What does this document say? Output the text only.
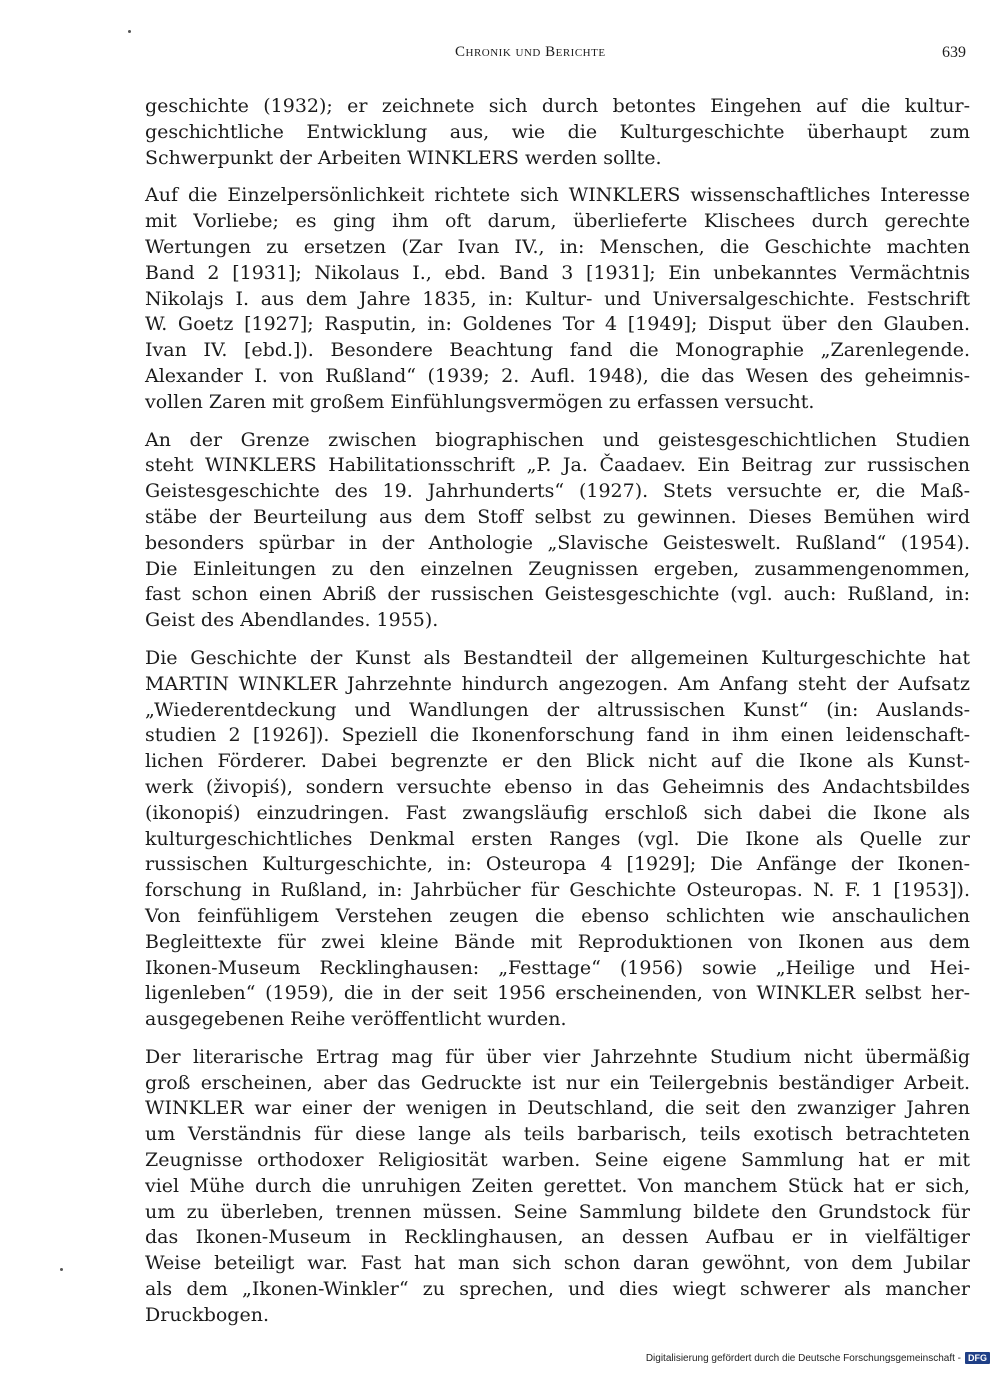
Chronik und Berichte	639
geschichte (1932); er zeichnete sich durch betontes Eingehen auf die kultur-
geschichtliche Entwicklung aus, wie die Kulturgeschichte überhaupt zum
Schwerpunkt der Arbeiten WINKLERS werden sollte.
Auf die Einzelpersönlichkeit richtete sich WINKLERS wissenschaftliches Interesse
mit Vorliebe; es ging ihm oft darum, überlieferte Klischees durch gerechte
Wertungen zu ersetzen (Zar Ivan IV., in: Menschen, die Geschichte machten
Band 2 [1931]; Nikolaus I., ebd. Band 3 [1931]; Ein unbekanntes Vermächtnis
Nikolajs I. aus dem Jahre 1835, in: Kultur- und Universalgeschichte. Festschrift
W. Goetz [1927]; Rasputin, in: Goldenes Tor 4 [1949]; Disput über den Glauben.
Ivan IV. [ebd.]). Besondere Beachtung fand die Monographie „Zarenlegende.
Alexander I. von Rußland“ (1939; 2. Aufl. 1948), die das Wesen des geheimnis-
vollen Zaren mit großem Einfühlungsvermögen zu erfassen versucht.
An der Grenze zwischen biographischen und geistesgeschichtlichen Studien
steht WINKLERS Habilitationsschrift „P. Ja. Čaadaev. Ein Beitrag zur russischen
Geistesgeschichte des 19. Jahrhunderts“ (1927). Stets versuchte er, die Maß-
stäbe der Beurteilung aus dem Stoff selbst zu gewinnen. Dieses Bemühen wird
besonders spürbar in der Anthologie „Slavische Geisteswelt. Rußland“ (1954).
Die Einleitungen zu den einzelnen Zeugnissen ergeben, zusammengenommen,
fast schon einen Abriß der russischen Geistesgeschichte (vgl. auch: Rußland, in:
Geist des Abendlandes. 1955).
Die Geschichte der Kunst als Bestandteil der allgemeinen Kulturgeschichte hat
MARTIN WINKLER Jahrzehnte hindurch angezogen. Am Anfang steht der Aufsatz
„Wiederentdeckung und Wandlungen der altrussischen Kunst“ (in: Auslands-
studien 2 [1926]). Speziell die Ikonenforschung fand in ihm einen leidenschaft-
lichen Förderer. Dabei begrenzte er den Blick nicht auf die Ikone als Kunst-
werk (živopiś), sondern versuchte ebenso in das Geheimnis des Andachtsbildes
(ikonopiś) einzudringen. Fast zwangsläufig erschloß sich dabei die Ikone als
kulturgeschichtliches Denkmal ersten Ranges (vgl. Die Ikone als Quelle zur
russischen Kulturgeschichte, in: Osteuropa 4 [1929]; Die Anfänge der Ikonen-
forschung in Rußland, in: Jahrbücher für Geschichte Osteuropas. N. F. 1 [1953]).
Von feinfühligem Verstehen zeugen die ebenso schlichten wie anschaulichen
Begleittexte für zwei kleine Bände mit Reproduktionen von Ikonen aus dem
Ikonen-Museum Recklinghausen: „Festtage“ (1956) sowie „Heilige und Hei-
ligenleben“ (1959), die in der seit 1956 erscheinenden, von WINKLER selbst her-
ausgegebenen Reihe veröffentlicht wurden.
Der literarische Ertrag mag für über vier Jahrzehnte Studium nicht übermäßig
groß erscheinen, aber das Gedruckte ist nur ein Teilergebnis beständiger Arbeit.
WINKLER war einer der wenigen in Deutschland, die seit den zwanziger Jahren
um Verständnis für diese lange als teils barbarisch, teils exotisch betrachteten
Zeugnisse orthodoxer Religiosität warben. Seine eigene Sammlung hat er mit
viel Mühe durch die unruhigen Zeiten gerettet. Von manchem Stück hat er sich,
um zu überleben, trennen müssen. Seine Sammlung bildete den Grundstock für
das Ikonen-Museum in Recklinghausen, an dessen Aufbau er in vielfältiger
Weise beteiligt war. Fast hat man sich schon daran gewöhnt, von dem Jubilar
als dem „Ikonen-Winkler“ zu sprechen, und dies wiegt schwerer als mancher
Druckbogen.
Digitalisierung gefördert durch die Deutsche Forschungsgemeinschaft - DFG
